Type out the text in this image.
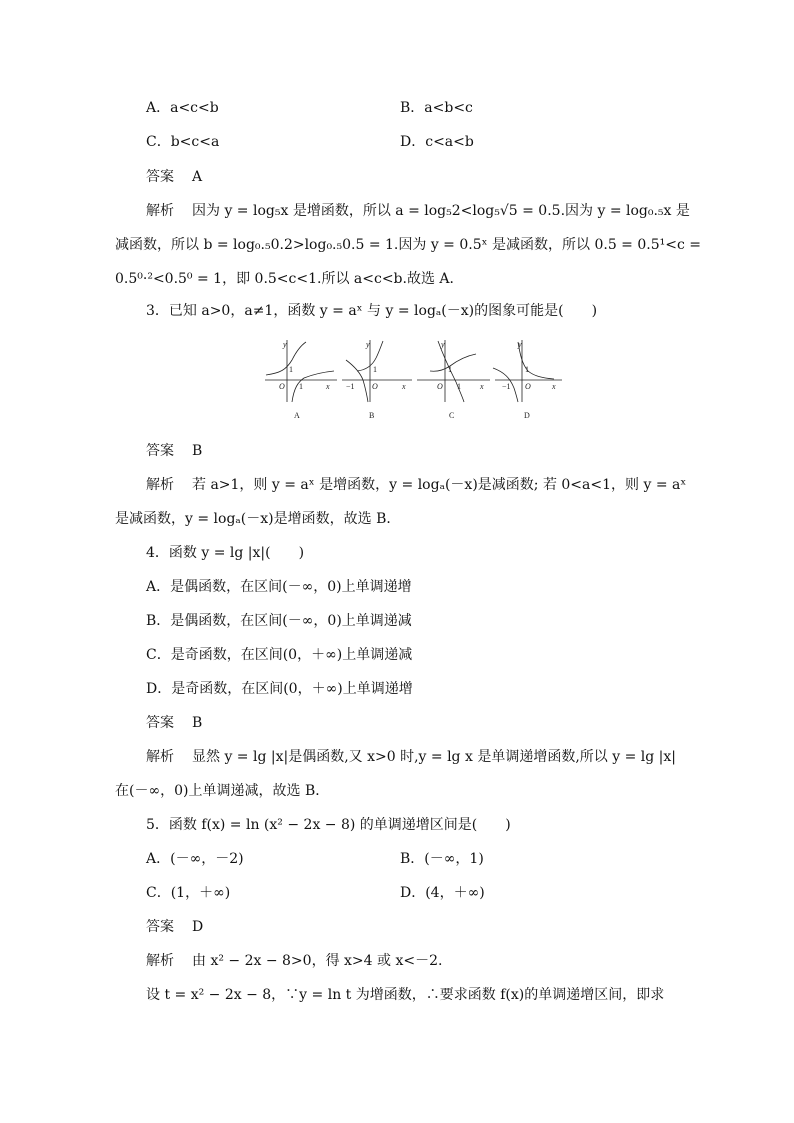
A．a<c<b	B．a<b<c
C．b<c<a	D．c<a<b
答案 A
解析 因为 y = log₅x 是增函数，所以 a = log₅2<log₅√5 = 0.5.因为 y = log₀.₅x 是
减函数，所以 b = log₀.₅0.2>log₀.₅0.5 = 1.因为 y = 0.5ˣ 是减函数，所以 0.5 = 0.5¹<c =
0.5⁰·²<0.5⁰ = 1，即 0.5<c<1.所以 a<c<b.故选 A．
3．已知 a>0，a≠1，函数 y = aˣ 与 y = logₐ(－x)的图象可能是(　　)
y
1
O 1	x
y
1
−1 O	x
y
1
O 1 x
y
1
−1 O	x
A	B	C	D
答案 B
解析 若 a>1，则 y = aˣ 是增函数，y = logₐ(－x)是减函数; 若 0<a<1，则 y = aˣ
是减函数，y = logₐ(－x)是增函数，故选 B．
4．函数 y = lg |x|(　　)
A．是偶函数，在区间(－∞，0)上单调递增
B．是偶函数，在区间(－∞，0)上单调递减
C．是奇函数，在区间(0，＋∞)上单调递减
D．是奇函数，在区间(0，＋∞)上单调递增
答案 B
解析 显然 y = lg |x|是偶函数,又 x>0 时,y = lg x 是单调递增函数,所以 y = lg |x|
在(－∞，0)上单调递减，故选 B．
5．函数 f(x) = ln (x² − 2x − 8) 的单调递增区间是(　　)
A．(－∞，－2)	B．(－∞，1)
C．(1，＋∞)	D．(4，＋∞)
答案 D
解析 由 x² − 2x − 8>0，得 x>4 或 x<－2.
设 t = x² − 2x − 8，∵y = ln t 为增函数，∴要求函数 f(x)的单调递增区间，即求
